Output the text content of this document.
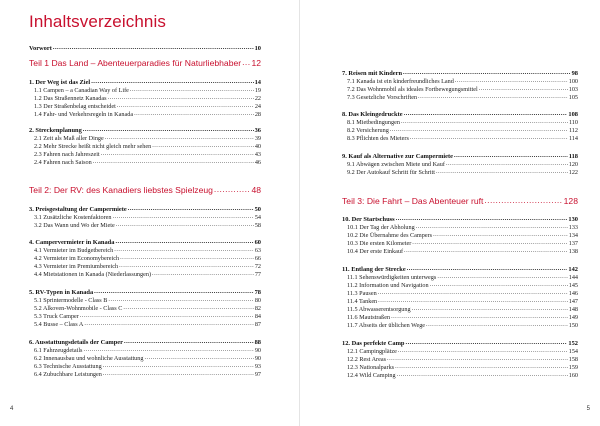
Inhaltsverzeichnis
Vorwort .....	10
Teil 1 Das Land – Abenteuerparadies für Naturliebhaber ..... 12
1. Der Weg ist das Ziel .....	14
1.1 Campen – a Canadian Way of Life .....	19
1.2 Das Straßennetz Kanadas .....	22
1.3 Der Straßenbelag entscheidet .....	24
1.4 Fahr- und Verkehrsregeln in Kanada .....	28
2. Streckenplanung .....	36
2.1 Zeit als Maß aller Dinge .....	39
2.2 Mehr Strecke heißt nicht gleich mehr sehen .....	40
2.3 Fahren nach Jahreszeit .....	43
2.4 Fahren nach Saison .....	46
Teil 2: Der RV: des Kanadiers liebstes Spielzeug .....	48
3. Preisgestaltung der Campermiete .....	50
3.1 Zusätzliche Kostenfaktoren .....	54
3.2 Das Wann und Wo der Miete .....	58
4. Campervermieter in Kanada .....	60
4.1 Vermieter im Budgetbereich .....	63
4.2 Vermieter im Economybereich .....	66
4.3 Vermieter im Premiumbereich .....	72
4.4 Mietstationen in Kanada (Niederlassungen) .....	77
5. RV-Typen in Kanada .....	78
5.1 Sprintermodelle - Class B .....	80
5.2 Alkoven-Wohnmobile - Class C .....	82
5.3 Truck Camper .....	84
5.4 Busse – Class A .....	87
6. Ausstattungsdetails der Camper .....	88
6.1 Fahrzeugdetails .....	90
6.2 Innenausbau und wohnliche Ausstattung .....	90
6.3 Technische Ausstattung .....	93
6.4 Zubuchbare Leistungen .....	97
4
7. Reisen mit Kindern .....	98
7.1 Kanada ist ein kinderfreundliches Land .....	100
7.2 Das Wohnmobil als ideales Fortbewegungsmittel .....	103
7.3 Gesetzliche Vorschriften .....	105
8. Das Kleingedruckte .....	108
8.1 Mietbedingungen .....	110
8.2 Versicherung .....	112
8.3 Pflichten des Mieters .....	114
9. Kauf als Alternative zur Campermiete .....	118
9.1 Abwägen zwischen Miete und Kauf .....	120
9.2 Der Autokauf Schritt für Schritt .....	122
Teil 3: Die Fahrt – Das Abenteuer ruft .....	128
10. Der Startschuss .....	130
10.1 Der Tag der Abholung .....	133
10.2 Die Übernahme des Campers .....	134
10.3 Die ersten Kilometer .....	137
10.4 Der erste Einkauf .....	138
11. Entlang der Strecke .....	142
11.1 Sehenswürdigkeiten unterwegs .....	144
11.2 Information und Navigation .....	145
11.3 Pausen .....	146
11.4 Tanken .....	147
11.5 Abwasserentsorgung .....	148
11.6 Mautstraßen .....	149
11.7 Abseits der üblichen Wege .....	150
12. Das perfekte Camp .....	152
12.1 Campingplätze .....	154
12.2 Rest Areas .....	158
12.3 Nationalparks .....	159
12.4 Wild Camping .....	160
5
